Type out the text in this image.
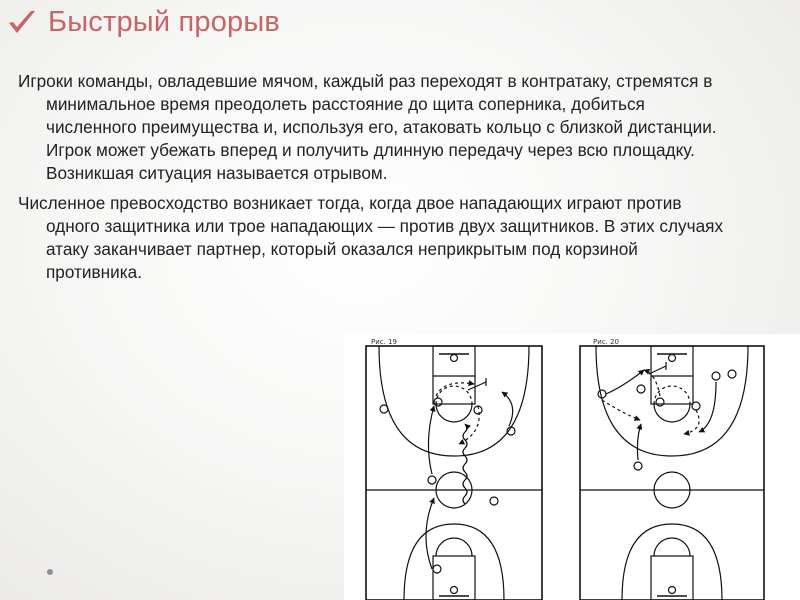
Быстрый прорыв

Игроки команды, овладевшие мячом, каждый раз переходят в контратаку, стремятся в минимальное время преодолеть расстояние до щита соперника, добиться численного преимущества и, используя его, атаковать кольцо с близкой дистанции. Игрок может убежать вперед и получить длинную передачу через всю площадку. Возникшая ситуация называется отрывом.

Численное превосходство возникает тогда, когда двое нападающих играют против одного защитника или трое нападающих — против двух защитников. В этих случаях атаку заканчивает партнер, который оказался неприкрытым под корзиной противника.

Рис. 19	Рис. 20
